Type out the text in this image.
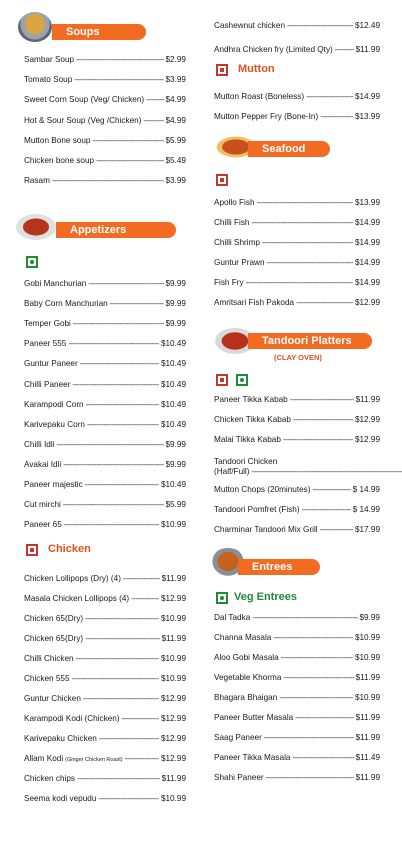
Soups
Sambar Soup -----	$2.99
Tomato Soup -----	$3.99
Sweet Corn Soup (Veg/ Chicken) -----	$4.99
Hot & Sour Soup (Veg /Chicken) -----	$4.99
Mutton Bone soup -----	$5.99
Chicken bone soup -----	$5.49
Rasam -----	$3.99
Appetizers
Gobi Manchurian -----	$9.99
Baby Corn Manchurian -----	$9.99
Temper Gobi -----	$9.99
Paneer 555 -----	$10.49
Guntur Paneer -----	$10.49
Chilli Paneer -----	$10.49
Karampodi Corn -----	$10.49
Karivepaku Corn -----	$10.49
Chilli Idli -----	$9.99
Avakai Idli -----	$9.99
Paneer majestic -----	$10.49
Cut mirchi -----	$5.99
Paneer 65 -----	$10.99
Chicken
Chicken Lollipops (Dry) (4) -----	$11.99
Masala Chicken Lollipops (4) -----	$12.99
Chicken 65(Dry) -----	$10.99
Chicken 65(Dry) -----	$11.99
Chilli Chicken -----	$10.99
Chicken 555 -----	$10.99
Guntur Chicken -----	$12.99
Karampodi Kodi (Chicken) -----	$12.99
Karivepaku Chicken -----	$12.99
Allam Kodi (Ginger Chicken Roast) -----	$12.99
Chicken chips -----	$11.99
Seema kodi vepudu -----	$10.99
Cashewnut chicken -----	$12.49
Andhra Chicken fry (Limited Qty) -----	$11.99
Mutton
Mutton Roast (Boneless) -----	$14.99
Mutton Pepper Fry (Bone-In) -----	$13.99
Seafood
Apollo Fish -----	$13.99
Chilli Fish -----	$14.99
Chilli Shrimp -----	$14.99
Guntur Prawn -----	$14.99
Fish Fry -----	$14.99
Amritsari Fish Pakoda -----	$12.99
Tandoori Platters
(CLAY OVEN)
Paneer Tikka Kabab -----	$11.99
Chicken Tikka Kabab -----	$12.99
Malai Tikka Kabab -----	$12.99
Tandoori Chicken
(Half/Full)
-----
Mutton Chops (20minutes) -----	$ 14.99
Tandoori Pomfret (Fish) -----	$ 14.99
Charminar Tandoori Mix Grill -----	$17.99
Entrees
Veg Entrees
Dal Tadka -----	$9.99
Channa Masala -----	$10.99
Aloo Gobi Masala -----	$10.99
Vegetable Khorma -----	$11.99
Bhagara Bhaigan -----	$10.99
Paneer Butter Masala -----	$11.99
Saag Paneer -----	$11.99
Paneer Tikka Masala -----	$11.49
Shahi Paneer -----	$11.99
